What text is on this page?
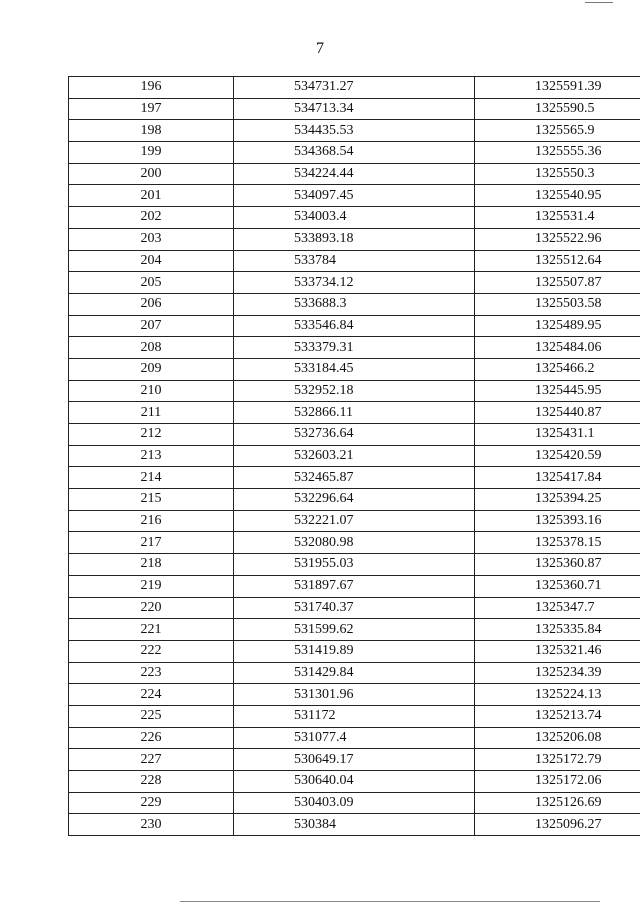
7
196	534731.27	1325591.39
197	534713.34	1325590.5
198	534435.53	1325565.9
199	534368.54	1325555.36
200	534224.44	1325550.3
201	534097.45	1325540.95
202	534003.4	1325531.4
203	533893.18	1325522.96
204	533784	1325512.64
205	533734.12	1325507.87
206	533688.3	1325503.58
207	533546.84	1325489.95
208	533379.31	1325484.06
209	533184.45	1325466.2
210	532952.18	1325445.95
211	532866.11	1325440.87
212	532736.64	1325431.1
213	532603.21	1325420.59
214	532465.87	1325417.84
215	532296.64	1325394.25
216	532221.07	1325393.16
217	532080.98	1325378.15
218	531955.03	1325360.87
219	531897.67	1325360.71
220	531740.37	1325347.7
221	531599.62	1325335.84
222	531419.89	1325321.46
223	531429.84	1325234.39
224	531301.96	1325224.13
225	531172	1325213.74
226	531077.4	1325206.08
227	530649.17	1325172.79
228	530640.04	1325172.06
229	530403.09	1325126.69
230	530384	1325096.27
